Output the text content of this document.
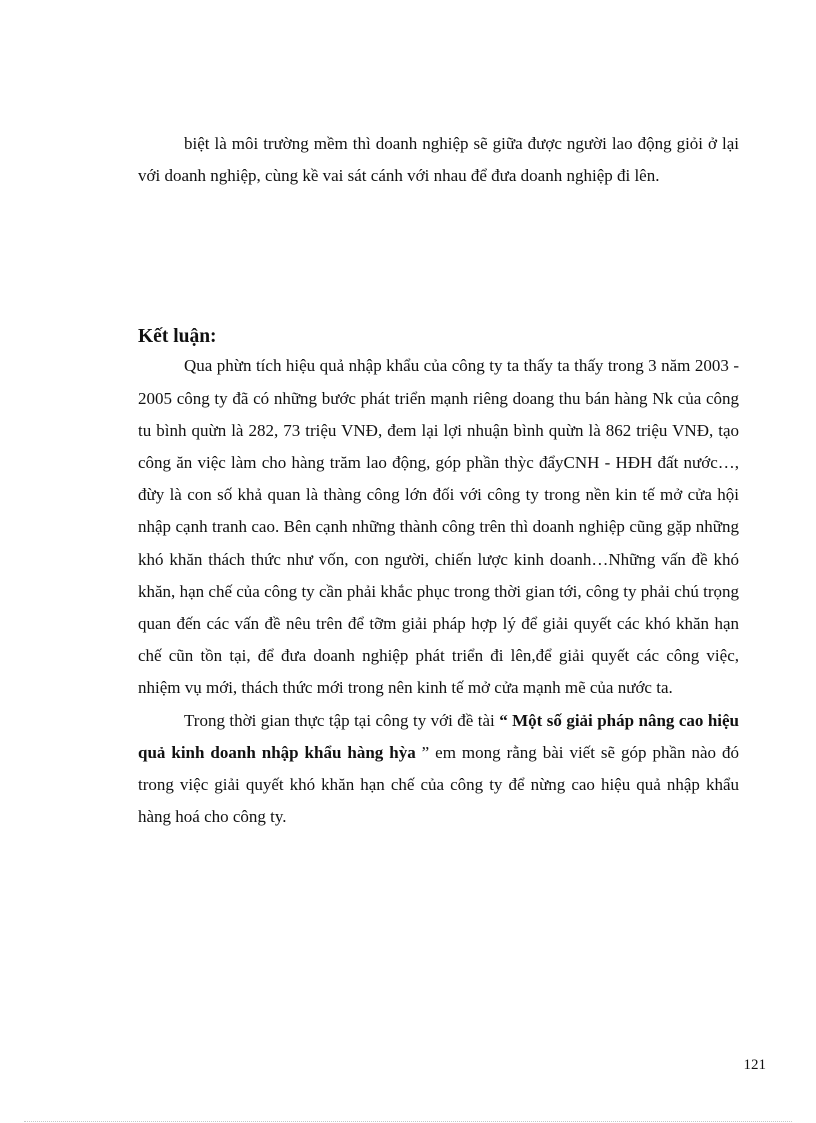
biệt là môi trường mềm thì doanh nghiệp sẽ giữa được người lao động giỏi ở lại với doanh nghiệp, cùng kề vai sát cánh với nhau để đưa doanh nghiệp đi lên.

Kết luận:

Qua phừn tích hiệu quả nhập khẩu của công ty ta thấy ta thấy trong 3 năm 2003 - 2005 công ty đã có những bước phát triển mạnh riêng doang thu bán hàng Nk của công tu bình quừn là 282, 73 triệu VNĐ, đem lại lợi nhuận bình quừn là 862 triệu VNĐ, tạo công ăn việc làm cho hàng trăm lao động, góp phần thỳc đẩyCNH - HĐH đất nước…, đừy là con số khả quan là thàng công lớn đối với công ty trong nền kin tế mở cửa hội nhập cạnh tranh cao. Bên cạnh những thành công trên thì doanh nghiệp cũng gặp những khó khăn thách thức như vốn, con người, chiến lược kinh doanh…Những vấn đề khó khăn, hạn chế của công ty cần phải khắc phục trong thời gian tới, công ty phải chú trọng quan đến các vấn đề nêu trên để tỡm giải pháp hợp lý để giải quyết các khó khăn hạn chế cũn tồn tại, để đưa doanh nghiệp phát triển đi lên,để giải quyết các công việc, nhiệm vụ mới, thách thức mới trong nên kinh tế mở cửa mạnh mẽ của nước ta.

Trong thời gian thực tập tại công ty với đề tài “ Một số giải pháp nâng cao hiệu quả kinh doanh nhập khẩu hàng hỳa ” em mong rằng bài viết sẽ góp phần nào đó trong việc giải quyết khó khăn hạn chế của công ty để nừng cao hiệu quả nhập khẩu hàng hoá cho công ty.

121
